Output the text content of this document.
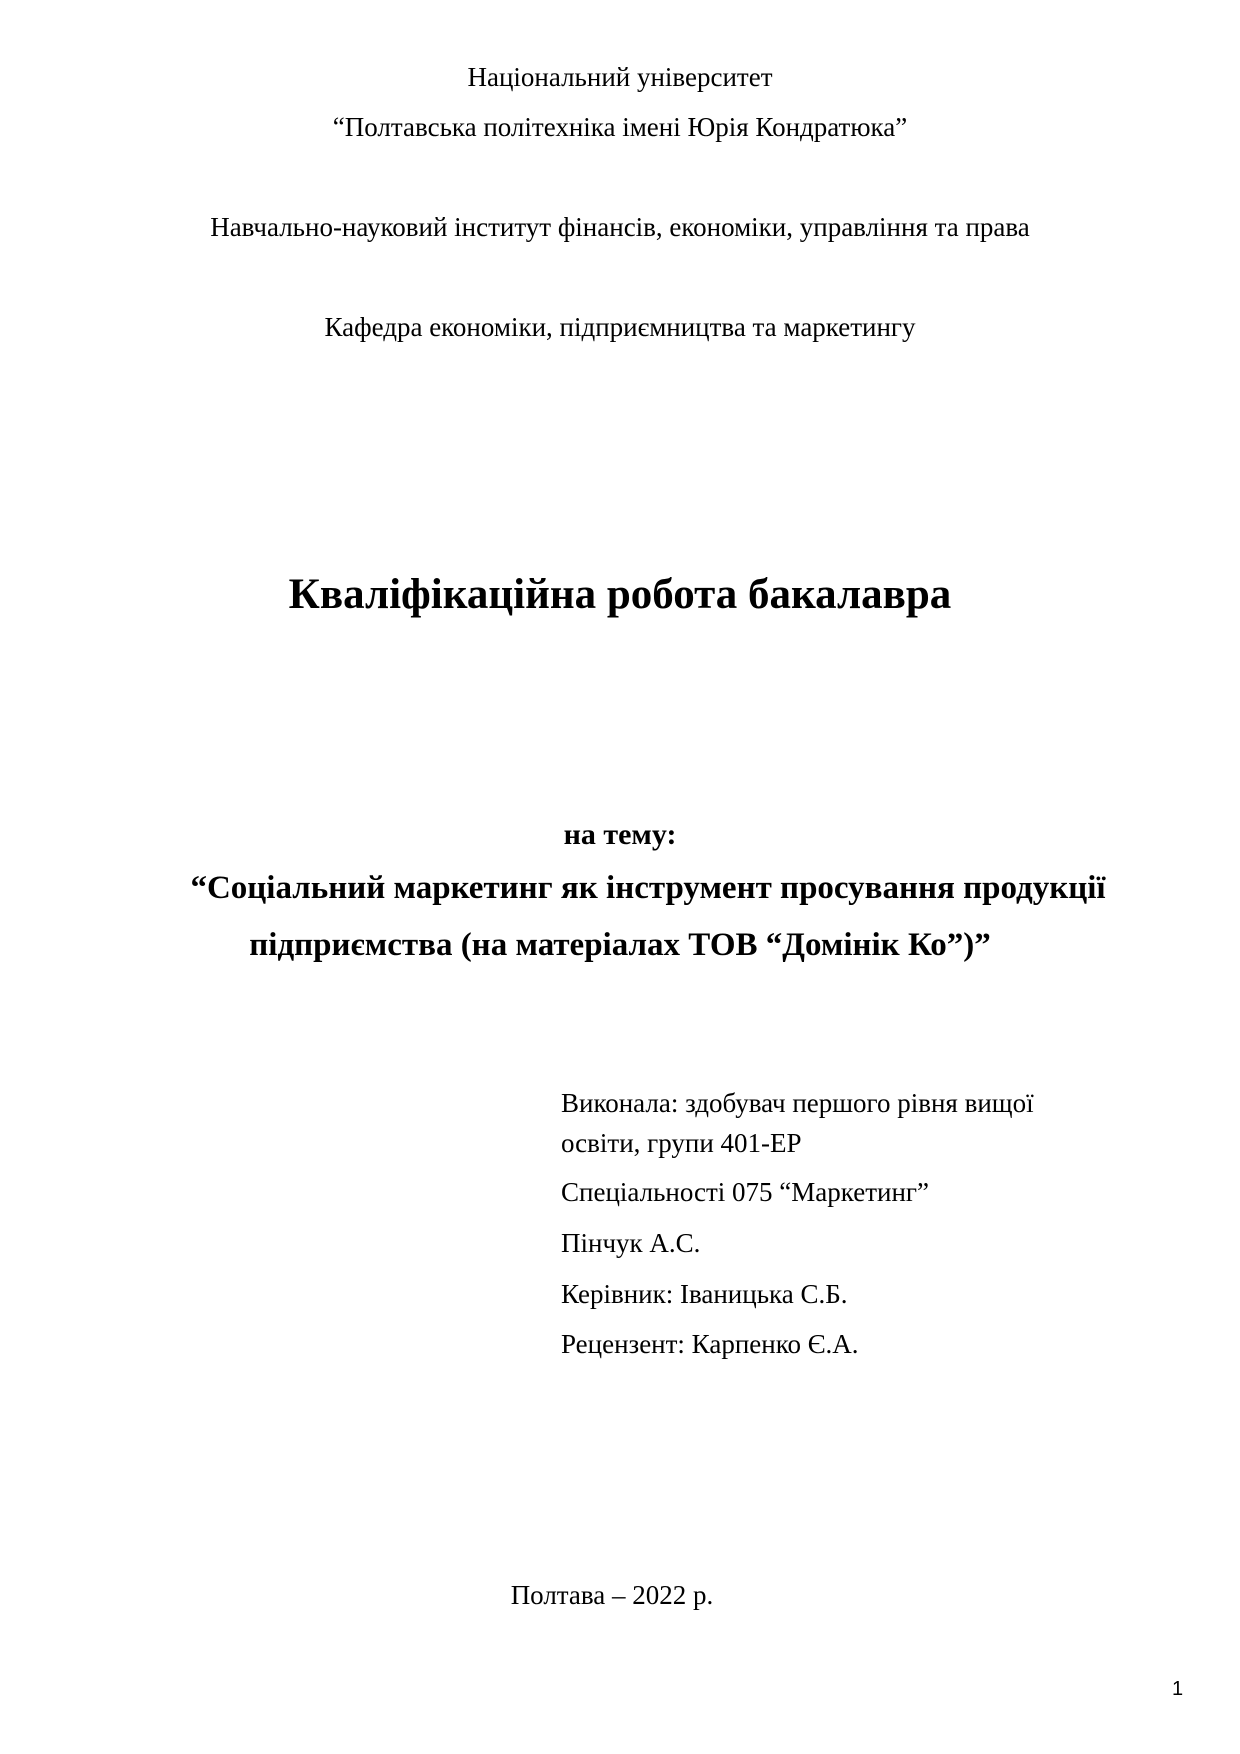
Національний університет
“Полтавська політехніка імені Юрія Кондратюка”
Навчально-науковий інститут фінансів, економіки, управління та права
Кафедра економіки, підприємництва та маркетингу
Кваліфікаційна робота бакалавра
на тему:
“Соціальний маркетинг як інструмент просування продукції
підприємства (на матеріалах ТОВ “Домінік Ко”)”
Виконала: здобувач першого рівня вищої
освіти, групи 401-ЕР
Спеціальності 075 “Маркетинг”
Пінчук А.С.
Керівник: Іваницька С.Б.
Рецензент: Карпенко Є.А.
Полтава – 2022 р.
1
